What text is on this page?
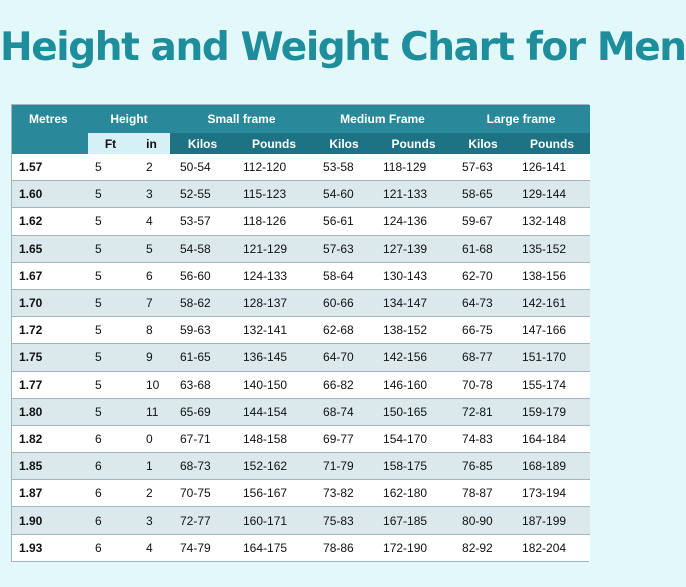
Height and Weight Chart for Men
Metres	Height		Small frame		Medium Frame		Large frame	
	Ft	in	Kilos	Pounds	Kilos	Pounds	Kilos	Pounds
1.57	5	2	50-54	112-120	53-58	118-129	57-63	126-141
1.60	5	3	52-55	115-123	54-60	121-133	58-65	129-144
1.62	5	4	53-57	118-126	56-61	124-136	59-67	132-148
1.65	5	5	54-58	121-129	57-63	127-139	61-68	135-152
1.67	5	6	56-60	124-133	58-64	130-143	62-70	138-156
1.70	5	7	58-62	128-137	60-66	134-147	64-73	142-161
1.72	5	8	59-63	132-141	62-68	138-152	66-75	147-166
1.75	5	9	61-65	136-145	64-70	142-156	68-77	151-170
1.77	5	10	63-68	140-150	66-82	146-160	70-78	155-174
1.80	5	11	65-69	144-154	68-74	150-165	72-81	159-179
1.82	6	0	67-71	148-158	69-77	154-170	74-83	164-184
1.85	6	1	68-73	152-162	71-79	158-175	76-85	168-189
1.87	6	2	70-75	156-167	73-82	162-180	78-87	173-194
1.90	6	3	72-77	160-171	75-83	167-185	80-90	187-199
1.93	6	4	74-79	164-175	78-86	172-190	82-92	182-204
